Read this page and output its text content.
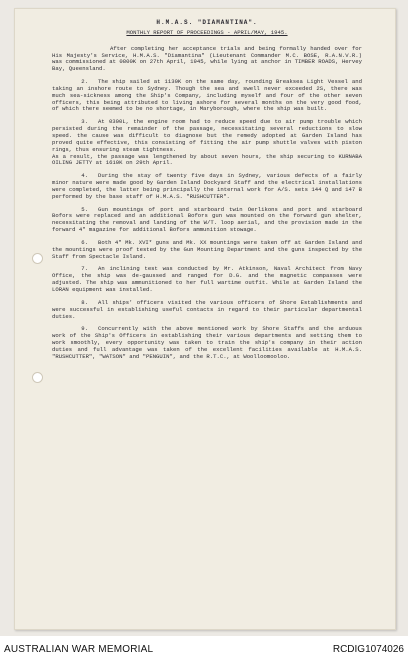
H.M.A.S. "DIAMANTINA".
MONTHLY REPORT OF PROCEEDINGS - APRIL/MAY, 1945.

After completing her acceptance trials and being formally handed over for His Majesty's Service, H.M.A.S. "Diamantina" (Lieutenant Commander M.C. BOSE, R.A.N.V.R.) was commissioned at 0800K on 27th April, 1945, while lying at anchor in TIMBER ROADS, Hervey Bay, Queensland.

2. The ship sailed at 1130K on the same day, rounding Breaksea Light Vessel and taking an inshore route to Sydney. Though the sea and swell never exceeded 2S, there was much sea-sickness among the Ship's Company, including myself and four of the other seven officers, this being attributed to living ashore for several months on the very good food, of which there seemed to be no shortage, in Maryborough, where the ship was built.

3. At 0300L, the engine room had to reduce speed due to air pump trouble which persisted during the remainder of the passage, necessitating several reductions to slow speed. the cause was difficult to diagnose but the remedy adopted at Garden Island has proved quite effective, this consisting of fitting the air pump shuttle valves with piston rings, thus ensuring steam tightness.
As a result, the passage was lengthened by about seven hours, the ship securing to KURNABA OILING JETTY at 1610K on 29th April.

4. During the stay of twenty five days in Sydney, various defects of a fairly minor nature were made good by Garden Island Dockyard Staff and the electrical installations were completed, the latter being principally the internal work for A/S. sets 144 Q and 147 B performed by the base staff of H.M.A.S. "RUSHCUTTER".

5. Gun mountings of port and starboard twin Oerlikons and port and starboard Bofors were replaced and an additional Bofors gun was mounted on the forward gun shelter, necessitating the removal and landing of the W/T. loop aerial, and the provision made in the forward 4" magazine for additional Bofors ammunition stowage.

6. Both 4" Mk. XVI* guns and Mk. XX mountings were taken off at Garden Island and the mountings were proof tested by the Gun Mounting Department and the guns inspected by the Staff from Spectacle Island.

7. An inclining test was conducted by Mr. Atkinson, Naval Architect from Navy Office, the ship was de-gaussed and ranged for D.G. and the magnetic compasses were adjusted. The ship was ammunitioned to her full wartime outfit. While at Garden Island the LORAN equipment was installed.

8. All ships' officers visited the various officers of Shore Establishments and were successful in establishing useful contacts in regard to their particular departmental duties.

9. Concurrently with the above mentioned work by Shore Staffs and the arduous work of the Ship's Officers in establishing their various departments and setting them to work smoothly, every opportunity was taken to train the ship's company in their action duties and full advantage was taken of the excellent facilities available at H.M.A.S. "RUSHCUTTER", "WATSON" and "PENGUIN", and the R.T.C., at Woolloomooloo.

AUSTRALIAN WAR MEMORIAL	RCDIG1074026
